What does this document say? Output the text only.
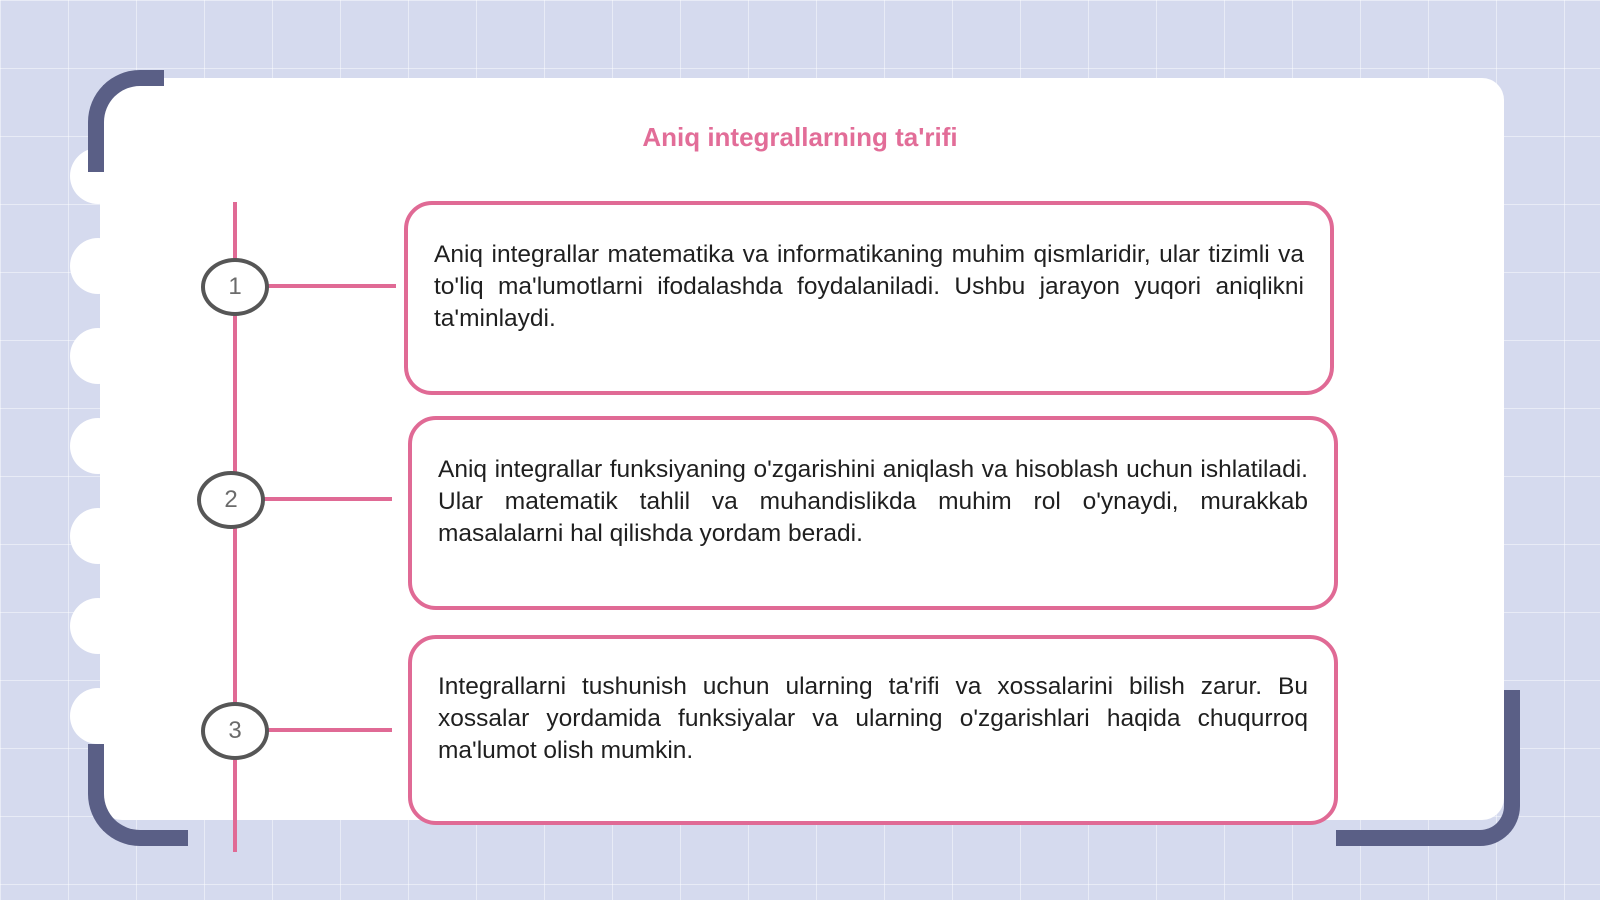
Aniq integrallarning ta'rifi
1

Aniq integrallar matematika va informatikaning muhim qismlaridir, ular tizimli va to'liq ma'lumotlarni ifodalashda foydalaniladi. Ushbu jarayon yuqori aniqlikni ta'minlaydi.

2

Aniq integrallar funksiyaning o'zgarishini aniqlash va hisoblash uchun ishlatiladi. Ular matematik tahlil va muhandislikda muhim rol o'ynaydi, murakkab masalalarni hal qilishda yordam beradi.

3

Integrallarni tushunish uchun ularning ta'rifi va xossalarini bilish zarur. Bu xossalar yordamida funksiyalar va ularning o'zgarishlari haqida chuqurroq ma'lumot olish mumkin.
